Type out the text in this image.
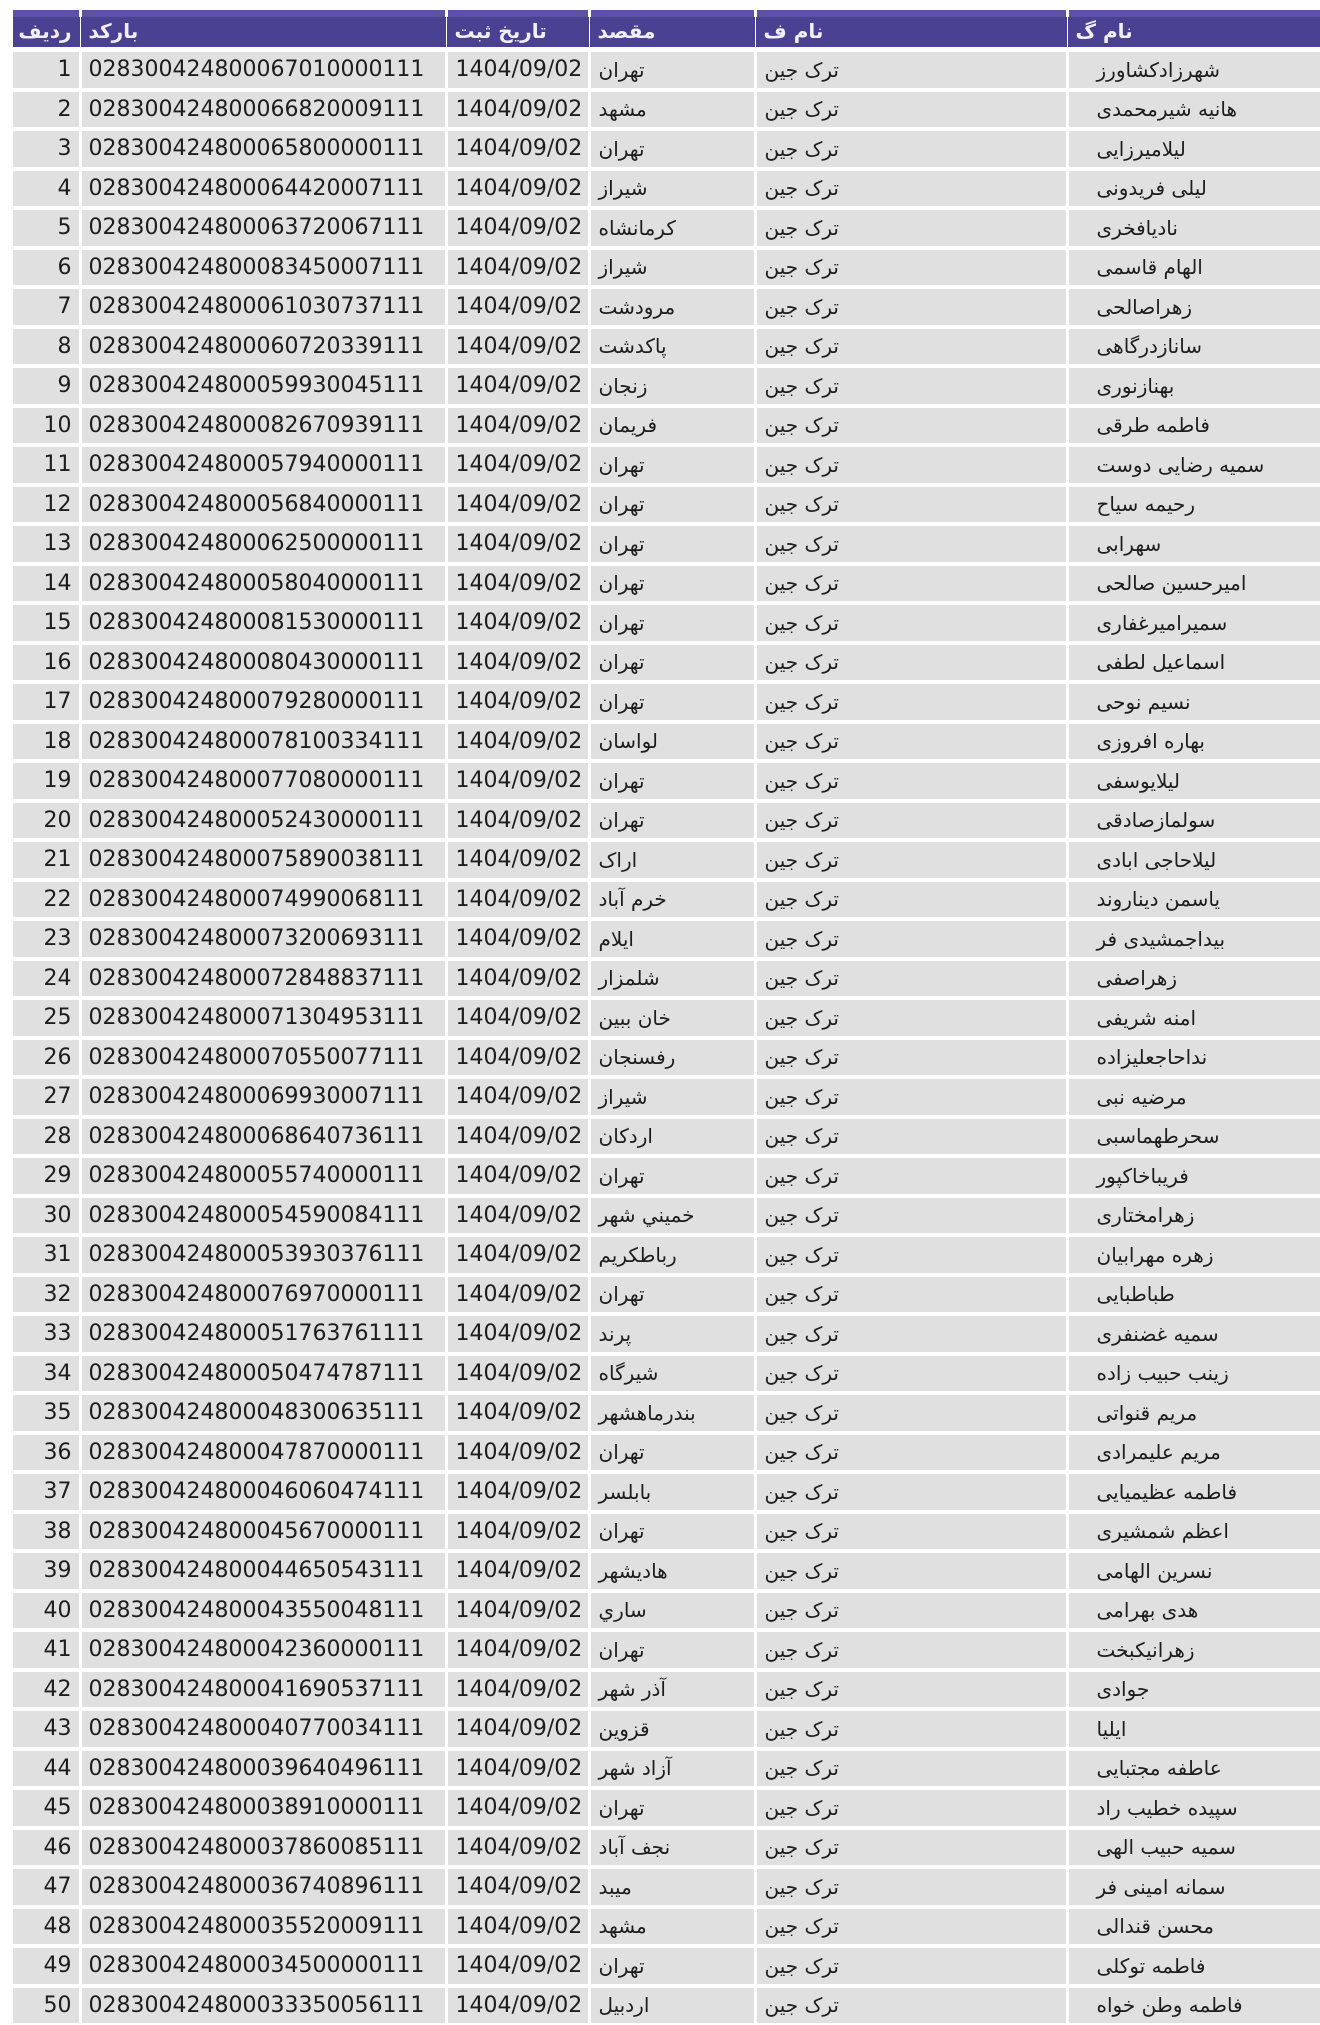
نام گ	نام ف	مقصد	تاریخ ثبت	بارکد	ردیف
شهرزادکشاورز	ترک جین	تهران	1404/09/02	028300424800067010000111	1
هانیه شیرمحمدی	ترک جین	مشهد	1404/09/02	028300424800066820009111	2
لیلامیرزایی	ترک جین	تهران	1404/09/02	028300424800065800000111	3
لیلی فریدونی	ترک جین	شیراز	1404/09/02	028300424800064420007111	4
نادیافخری	ترک جین	کرمانشاه	1404/09/02	028300424800063720067111	5
الهام قاسمی	ترک جین	شیراز	1404/09/02	028300424800083450007111	6
زهراصالحی	ترک جین	مرودشت	1404/09/02	028300424800061030737111	7
سانازدرگاهی	ترک جین	پاکدشت	1404/09/02	028300424800060720339111	8
بهنازنوری	ترک جین	زنجان	1404/09/02	028300424800059930045111	9
فاطمه طرقی	ترک جین	فریمان	1404/09/02	028300424800082670939111	10
سمیه رضایی دوست	ترک جین	تهران	1404/09/02	028300424800057940000111	11
رحیمه سیاح	ترک جین	تهران	1404/09/02	028300424800056840000111	12
سهرابی	ترک جین	تهران	1404/09/02	028300424800062500000111	13
امیرحسین صالحی	ترک جین	تهران	1404/09/02	028300424800058040000111	14
سمیرامیرغفاری	ترک جین	تهران	1404/09/02	028300424800081530000111	15
اسماعیل لطفی	ترک جین	تهران	1404/09/02	028300424800080430000111	16
نسیم نوحی	ترک جین	تهران	1404/09/02	028300424800079280000111	17
بهاره افروزی	ترک جین	لواسان	1404/09/02	028300424800078100334111	18
لیلایوسفی	ترک جین	تهران	1404/09/02	028300424800077080000111	19
سولمازصادقی	ترک جین	تهران	1404/09/02	028300424800052430000111	20
لیلاحاجی ابادی	ترک جین	اراک	1404/09/02	028300424800075890038111	21
یاسمن دیناروند	ترک جین	خرم آباد	1404/09/02	028300424800074990068111	22
بیداجمشیدی فر	ترک جین	ایلام	1404/09/02	028300424800073200693111	23
زهراصفی	ترک جین	شلمزار	1404/09/02	028300424800072848837111	24
امنه شریفی	ترک جین	خان ببین	1404/09/02	028300424800071304953111	25
نداحاجعلیزاده	ترک جین	رفسنجان	1404/09/02	028300424800070550077111	26
مرضیه نبی	ترک جین	شیراز	1404/09/02	028300424800069930007111	27
سحرطهماسبی	ترک جین	اردکان	1404/09/02	028300424800068640736111	28
فریباخاکپور	ترک جین	تهران	1404/09/02	028300424800055740000111	29
زهرامختاری	ترک جین	خميني شهر	1404/09/02	028300424800054590084111	30
زهره مهرابیان	ترک جین	رباطکریم	1404/09/02	028300424800053930376111	31
طباطبایی	ترک جین	تهران	1404/09/02	028300424800076970000111	32
سمیه غضنفری	ترک جین	پرند	1404/09/02	028300424800051763761111	33
زینب حبیب زاده	ترک جین	شیرگاه	1404/09/02	028300424800050474787111	34
مریم قنواتی	ترک جین	بندرماهشهر	1404/09/02	028300424800048300635111	35
مریم علیمرادی	ترک جین	تهران	1404/09/02	028300424800047870000111	36
فاطمه عظیمیایی	ترک جین	بابلسر	1404/09/02	028300424800046060474111	37
اعظم شمشیری	ترک جین	تهران	1404/09/02	028300424800045670000111	38
نسرین الهامی	ترک جین	هادیشهر	1404/09/02	028300424800044650543111	39
هدی بهرامی	ترک جین	ساري	1404/09/02	028300424800043550048111	40
زهرانیکبخت	ترک جین	تهران	1404/09/02	028300424800042360000111	41
جوادی	ترک جین	آذر شهر	1404/09/02	028300424800041690537111	42
ایلیا	ترک جین	قزوین	1404/09/02	028300424800040770034111	43
عاطفه مجتبایی	ترک جین	آزاد شهر	1404/09/02	028300424800039640496111	44
سپیده خطیب راد	ترک جین	تهران	1404/09/02	028300424800038910000111	45
سمیه حبیب الهی	ترک جین	نجف آباد	1404/09/02	028300424800037860085111	46
سمانه امینی فر	ترک جین	ميبد	1404/09/02	028300424800036740896111	47
محسن قندالی	ترک جین	مشهد	1404/09/02	028300424800035520009111	48
فاطمه توکلی	ترک جین	تهران	1404/09/02	028300424800034500000111	49
فاطمه وطن خواه	ترک جین	اردبيل	1404/09/02	028300424800033350056111	50
